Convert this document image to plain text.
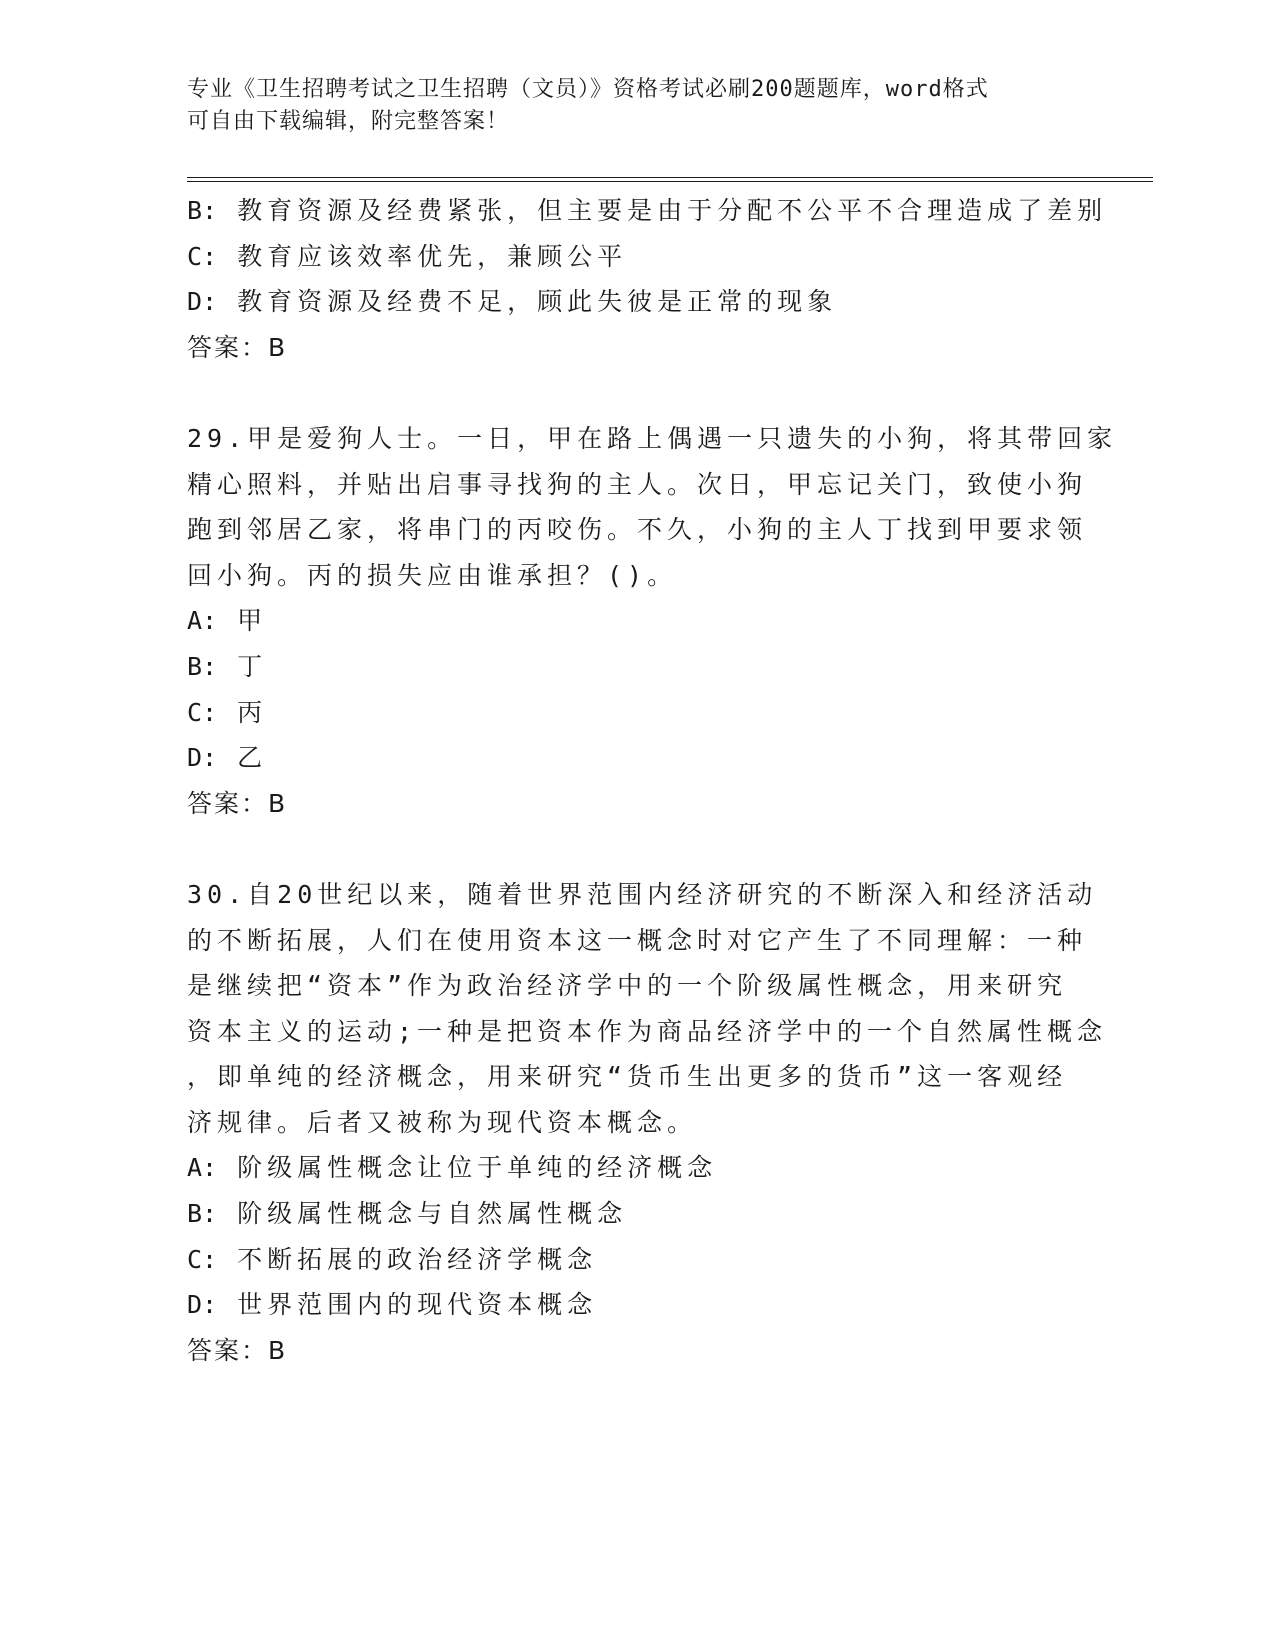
专业《卫生招聘考试之卫生招聘（文员）》资格考试必刷200题题库，word格式
可自由下载编辑，附完整答案！
B: 教育资源及经费紧张，但主要是由于分配不公平不合理造成了差别
C: 教育应该效率优先，兼顾公平
D: 教育资源及经费不足，顾此失彼是正常的现象
答案：B
29.甲是爱狗人士。一日，甲在路上偶遇一只遗失的小狗，将其带回家
精心照料，并贴出启事寻找狗的主人。次日，甲忘记关门，致使小狗
跑到邻居乙家，将串门的丙咬伤。不久，小狗的主人丁找到甲要求领
回小狗。丙的损失应由谁承担？()。
A: 甲
B: 丁
C: 丙
D: 乙
答案：B
30.自20世纪以来，随着世界范围内经济研究的不断深入和经济活动
的不断拓展，人们在使用资本这一概念时对它产生了不同理解：一种
是继续把“资本”作为政治经济学中的一个阶级属性概念，用来研究
资本主义的运动;一种是把资本作为商品经济学中的一个自然属性概念
，即单纯的经济概念，用来研究“货币生出更多的货币”这一客观经
济规律。后者又被称为现代资本概念。
A: 阶级属性概念让位于单纯的经济概念
B: 阶级属性概念与自然属性概念
C: 不断拓展的政治经济学概念
D: 世界范围内的现代资本概念
答案：B
